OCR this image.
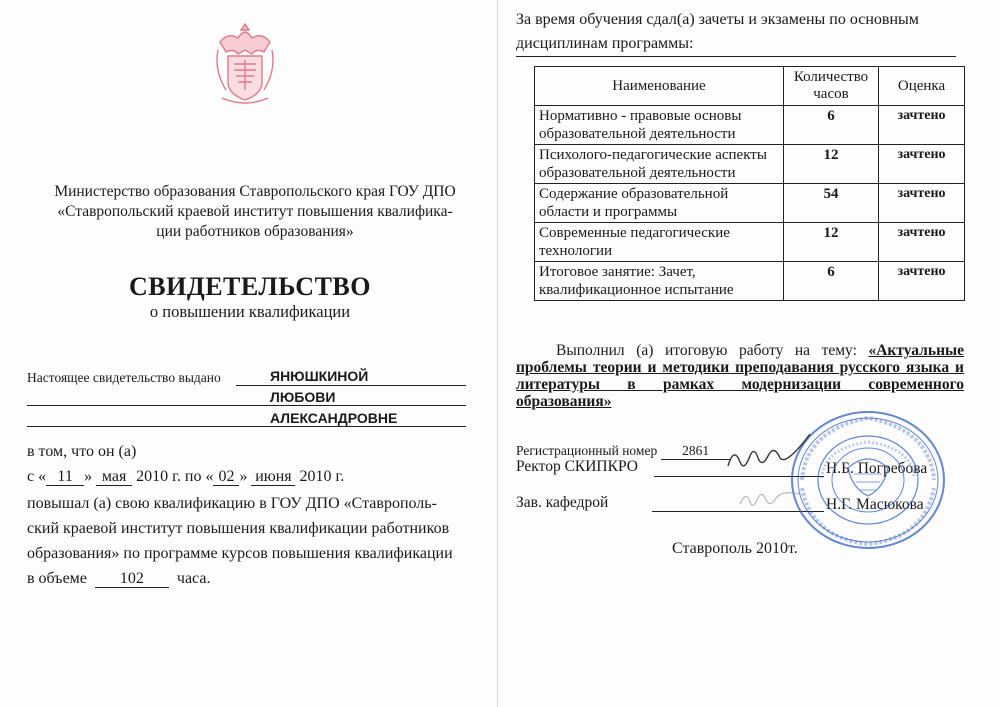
Министерство образования Ставропольского края ГОУ ДПО
«Ставропольский краевой институт повышения квалифика-
ции работников образования»
СВИДЕТЕЛЬСТВО
о повышении квалификации
Настоящее свидетельство выдано	ЯНЮШКИНОЙ
ЛЮБОВИ
АЛЕКСАНДРОВНЕ
в том, что он (а)
с « 11 » мая 2010 г. по « 02 » июня 2010 г.
повышал (а) свою квалификацию в ГОУ ДПО «Ставрополь-
ский краевой институт повышения квалификации работников
образования» по программе курсов повышения квалификации
в объеме 102 часа.
За время обучения сдал(а) зачеты и экзамены по основным
дисциплинам программы:
Наименование	Количество часов	Оценка
Нормативно - правовые основы образовательной деятельности	6	зачтено
Психолого-педагогические аспекты образовательной деятельности	12	зачтено
Содержание образовательной области и программы	54	зачтено
Современные педагогические технологии	12	зачтено
Итоговое занятие: Зачет, квалификационное испытание	6	зачтено
Выполнил (а) итоговую работу на тему: «Актуальные проблемы теории и методики преподавания русского языка и литературы в рамках модернизации современного образования»
Регистрационный номер 2861
Ректор СКИПКРО	Н.Б. Погребова
Зав. кафедрой	Н.Г. Масюкова
Ставрополь 2010т.
